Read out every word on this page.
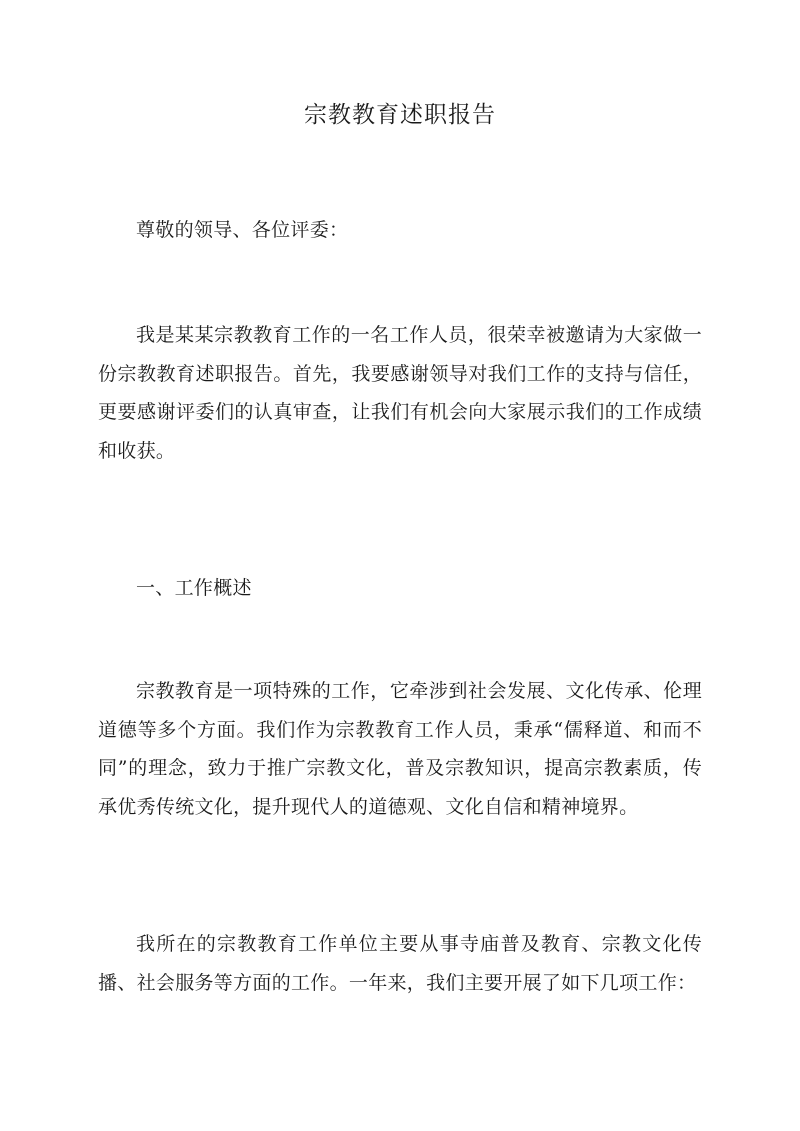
宗教教育述职报告

尊敬的领导、各位评委：

我是某某宗教教育工作的一名工作人员，很荣幸被邀请为大家做一份宗教教育述职报告。首先，我要感谢领导对我们工作的支持与信任，更要感谢评委们的认真审查，让我们有机会向大家展示我们的工作成绩和收获。

一、工作概述

宗教教育是一项特殊的工作，它牵涉到社会发展、文化传承、伦理道德等多个方面。我们作为宗教教育工作人员，秉承“儒释道、和而不同”的理念，致力于推广宗教文化，普及宗教知识，提高宗教素质，传承优秀传统文化，提升现代人的道德观、文化自信和精神境界。

我所在的宗教教育工作单位主要从事寺庙普及教育、宗教文化传播、社会服务等方面的工作。一年来，我们主要开展了如下几项工作：
